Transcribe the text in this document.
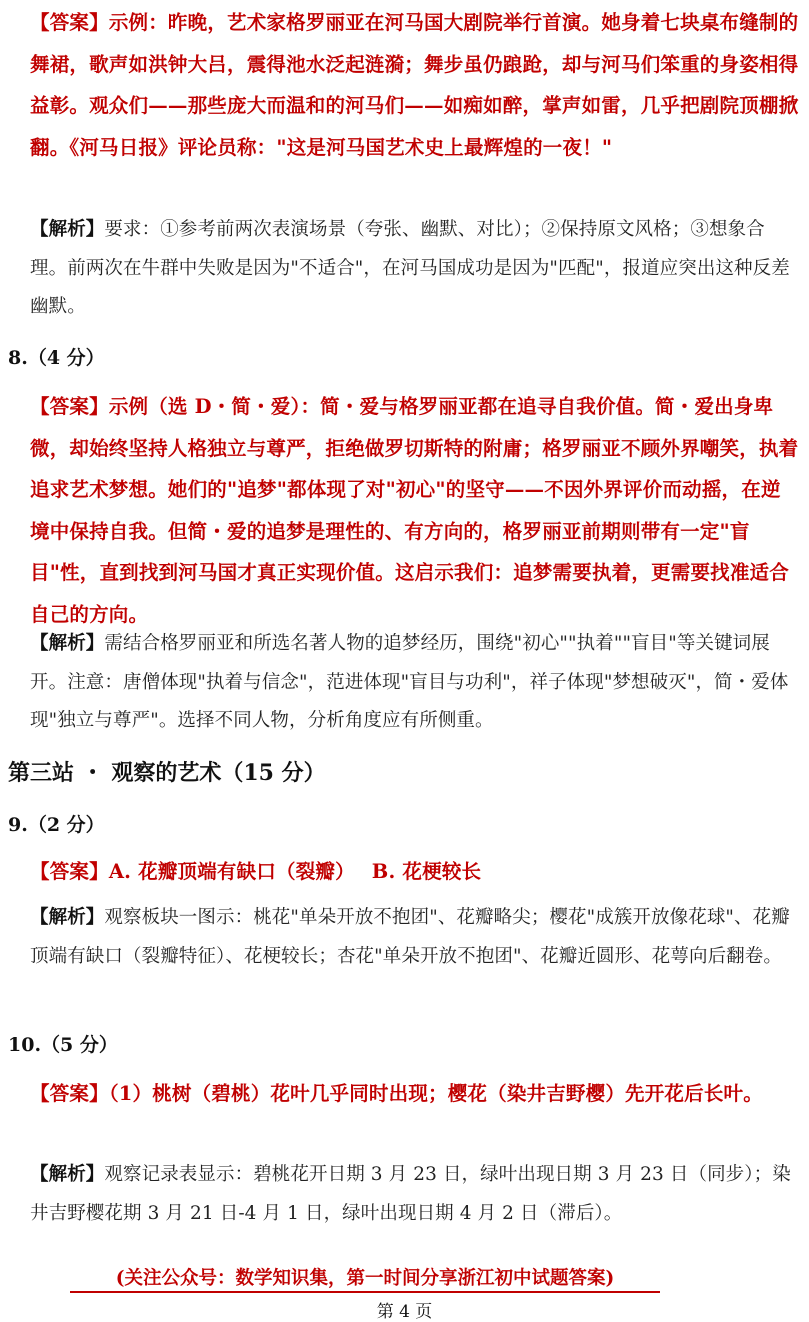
【答案】示例：昨晚，艺术家格罗丽亚在河马国大剧院举行首演。她身着七块桌布缝制的舞裙，歌声如洪钟大吕，震得池水泛起涟漪；舞步虽仍踉跄，却与河马们笨重的身姿相得益彰。观众们——那些庞大而温和的河马们——如痴如醉，掌声如雷，几乎把剧院顶棚掀翻。《河马日报》评论员称："这是河马国艺术史上最辉煌的一夜！"
【解析】要求：①参考前两次表演场景（夸张、幽默、对比）；②保持原文风格；③想象合理。前两次在牛群中失败是因为"不适合"，在河马国成功是因为"匹配"，报道应突出这种反差幽默。
8.（4 分）
【答案】示例（选 D・简・爱）：简・爱与格罗丽亚都在追寻自我价值。简・爱出身卑微，却始终坚持人格独立与尊严，拒绝做罗切斯特的附庸；格罗丽亚不顾外界嘲笑，执着追求艺术梦想。她们的"追梦"都体现了对"初心"的坚守——不因外界评价而动摇，在逆境中保持自我。但简・爱的追梦是理性的、有方向的，格罗丽亚前期则带有一定"盲目"性，直到找到河马国才真正实现价值。这启示我们：追梦需要执着，更需要找准适合自己的方向。
【解析】需结合格罗丽亚和所选名著人物的追梦经历，围绕"初心""执着""盲目"等关键词展开。注意：唐僧体现"执着与信念"，范进体现"盲目与功利"，祥子体现"梦想破灭"，简・爱体现"独立与尊严"。选择不同人物，分析角度应有所侧重。
第三站 ・ 观察的艺术（15 分）
9.（2 分）
【答案】A. 花瓣顶端有缺口（裂瓣）　 B. 花梗较长
【解析】观察板块一图示：桃花"单朵开放不抱团"、花瓣略尖；樱花"成簇开放像花球"、花瓣顶端有缺口（裂瓣特征）、花梗较长；杏花"单朵开放不抱团"、花瓣近圆形、花萼向后翻卷。
10.（5 分）
【答案】（1）桃树（碧桃）花叶几乎同时出现；樱花（染井吉野樱）先开花后长叶。
【解析】观察记录表显示：碧桃花开日期 3 月 23 日，绿叶出现日期 3 月 23 日（同步）；染井吉野樱花期 3 月 21 日-4 月 1 日，绿叶出现日期 4 月 2 日（滞后）。
(关注公众号：数学知识集，第一时间分享浙江初中试题答案)
第 4 页
